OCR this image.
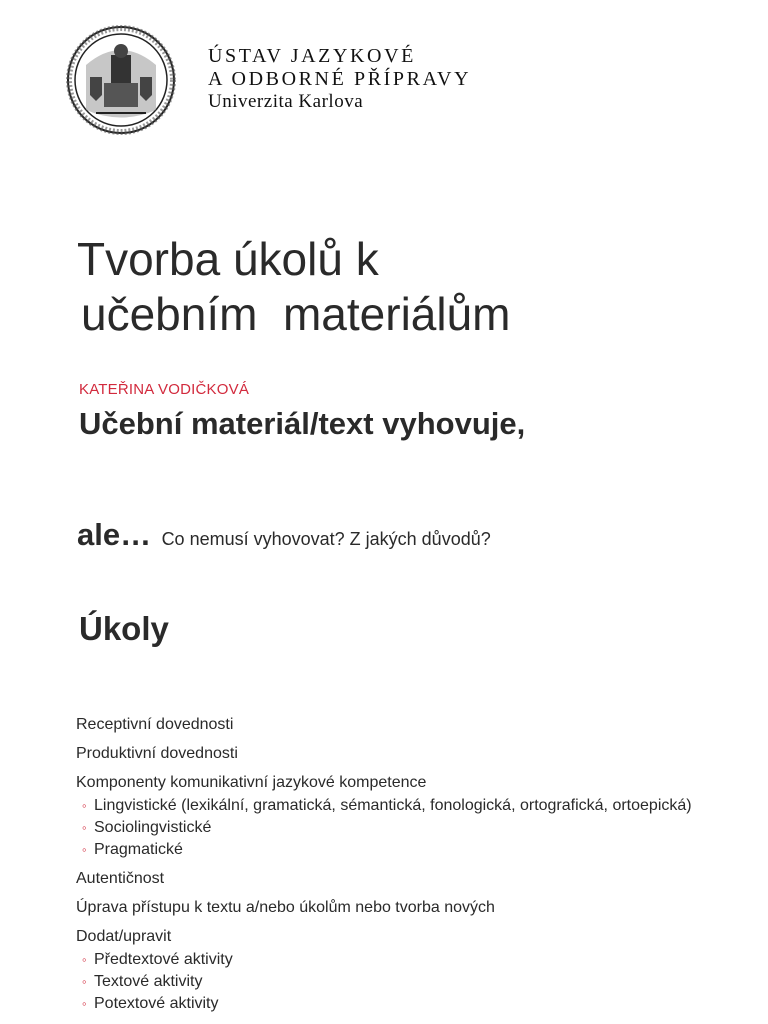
ÚSTAV JAZYKOVÉ
A ODBORNÉ PŘÍPRAVY
Univerzita Karlova
Tvorba úkolů k
učebním  materiálům
KATEŘINA VODIČKOVÁ
Učební materiál/text vyhovuje,
ale… Co nemusí vyhovovat? Z jakých důvodů?
Úkoly
Receptivní dovednosti
Produktivní dovednosti
Komponenty komunikativní jazykové kompetence
◦ Lingvistické (lexikální, gramatická, sémantická, fonologická, ortografická, ortoepická)
◦ Sociolingvistické
◦ Pragmatické
Autentičnost
Úprava přístupu k textu a/nebo úkolům nebo tvorba nových
Dodat/upravit
◦ Předtextové aktivity
◦ Textové aktivity
◦ Potextové aktivity
